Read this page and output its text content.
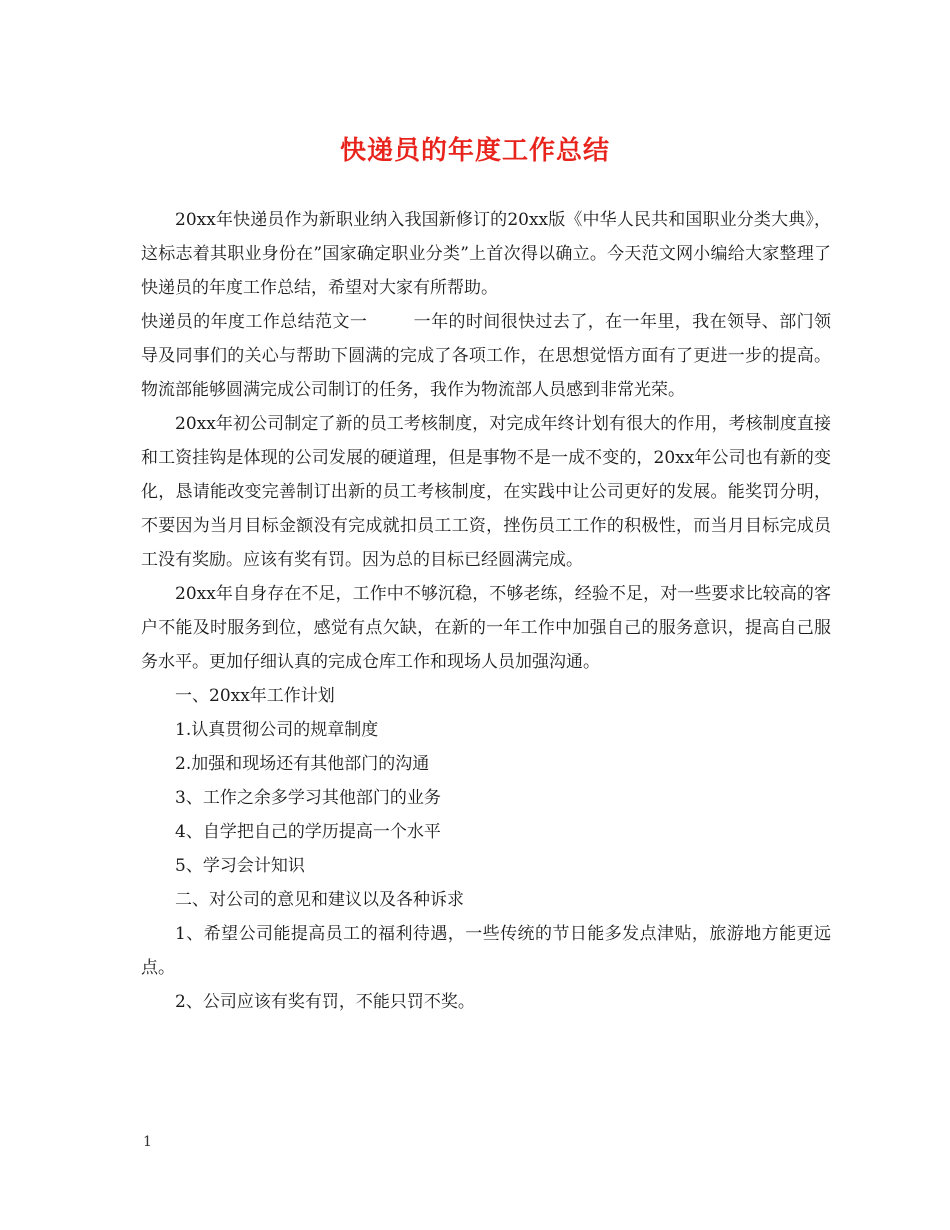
快递员的年度工作总结

20xx年快递员作为新职业纳入我国新修订的20xx版《中华人民共和国职业分类大典》，这标志着其职业身份在”国家确定职业分类”上首次得以确立。今天范文网小编给大家整理了快递员的年度工作总结，希望对大家有所帮助。

快递员的年度工作总结范文一	一年的时间很快过去了，在一年里，我在领导、部门领导及同事们的关心与帮助下圆满的完成了各项工作，在思想觉悟方面有了更进一步的提高。物流部能够圆满完成公司制订的任务，我作为物流部人员感到非常光荣。

20xx年初公司制定了新的员工考核制度，对完成年终计划有很大的作用，考核制度直接和工资挂钩是体现的公司发展的硬道理，但是事物不是一成不变的，20xx年公司也有新的变化，恳请能改变完善制订出新的员工考核制度，在实践中让公司更好的发展。能奖罚分明，不要因为当月目标金额没有完成就扣员工工资，挫伤员工工作的积极性，而当月目标完成员工没有奖励。应该有奖有罚。因为总的目标已经圆满完成。

20xx年自身存在不足，工作中不够沉稳，不够老练，经验不足，对一些要求比较高的客户不能及时服务到位，感觉有点欠缺，在新的一年工作中加强自己的服务意识，提高自己服务水平。更加仔细认真的完成仓库工作和现场人员加强沟通。

一、20xx年工作计划

1.认真贯彻公司的规章制度

2.加强和现场还有其他部门的沟通

3、工作之余多学习其他部门的业务

4、自学把自己的学历提高一个水平

5、学习会计知识

二、对公司的意见和建议以及各种诉求

1、希望公司能提高员工的福利待遇，一些传统的节日能多发点津贴，旅游地方能更远点。

2、公司应该有奖有罚，不能只罚不奖。

1
